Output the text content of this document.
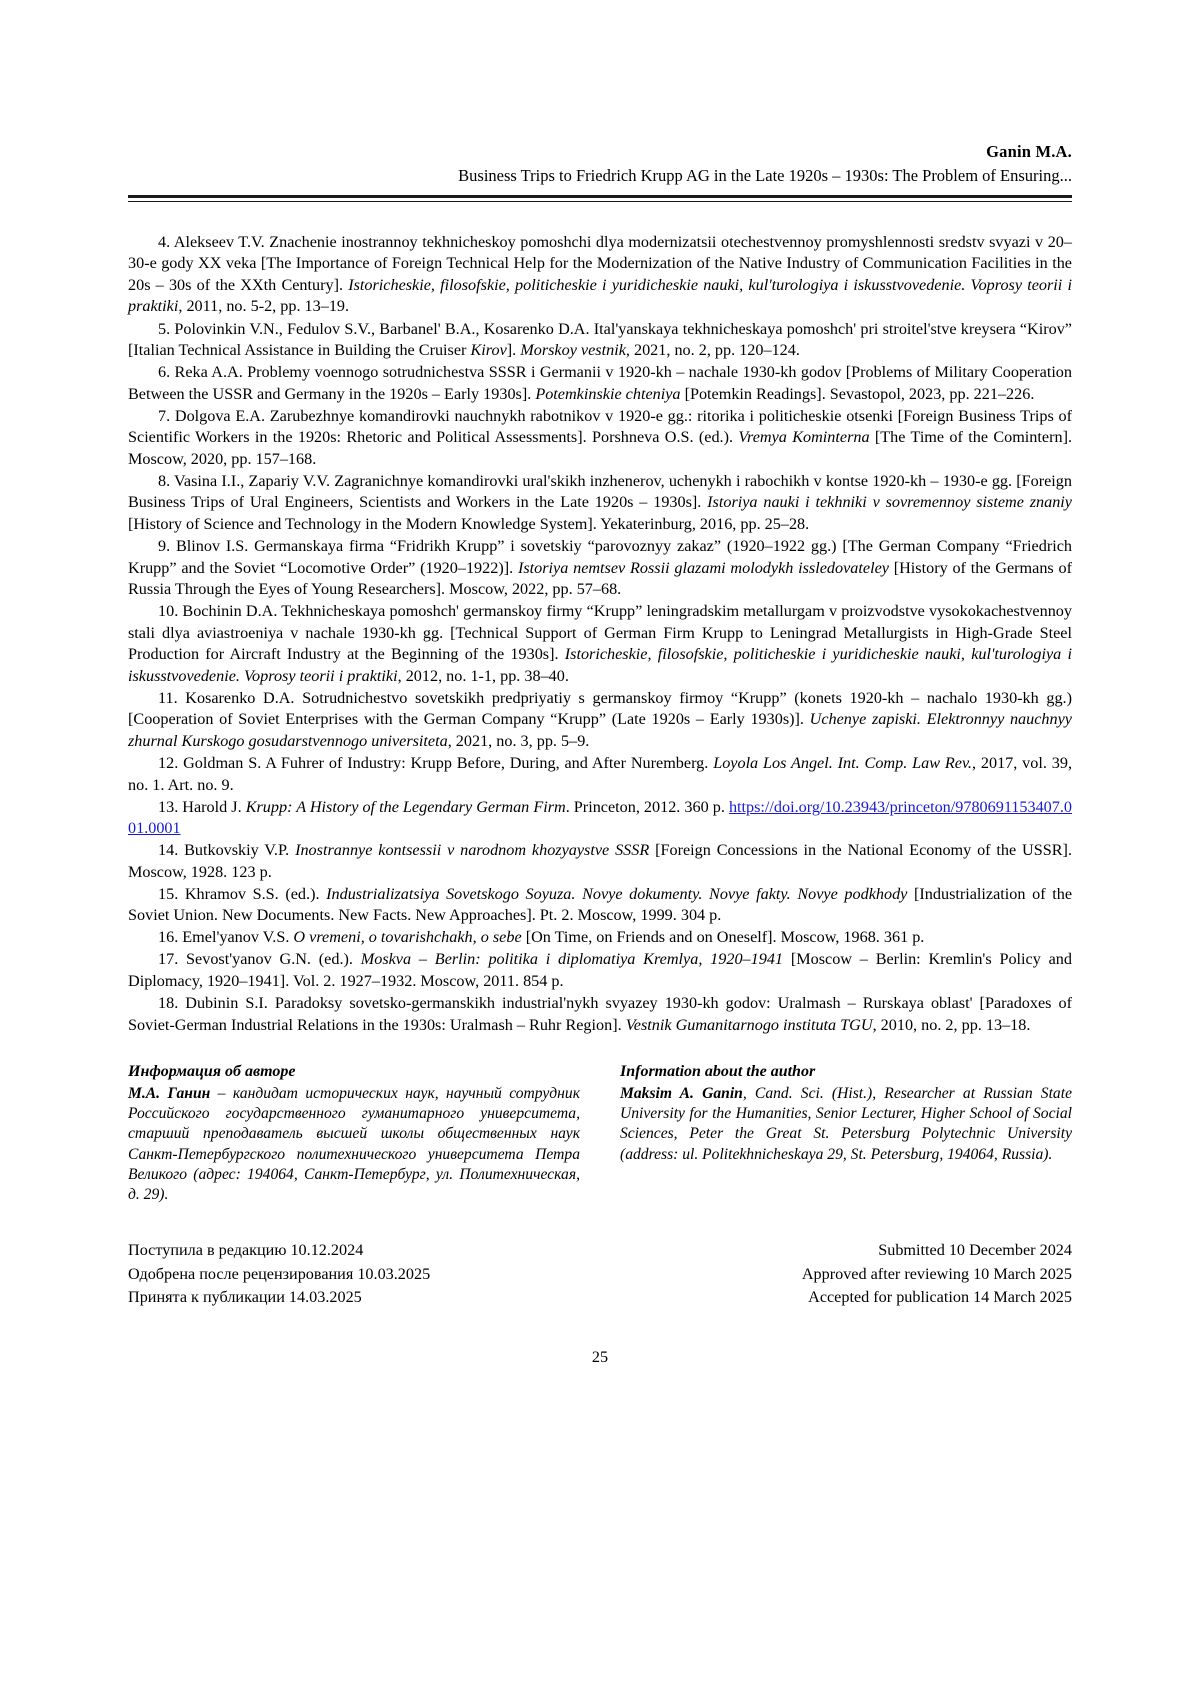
Ganin M.A.
Business Trips to Friedrich Krupp AG in the Late 1920s – 1930s: The Problem of Ensuring...

4. Alekseev T.V. Znachenie inostrannoy tekhnicheskoy pomoshchi dlya modernizatsii otechestvennoy promyshlennosti sredstv svyazi v 20–30-e gody XX veka [The Importance of Foreign Technical Help for the Modernization of the Native Industry of Communication Facilities in the 20s – 30s of the XXth Century]. Istoricheskie, filosofskie, politicheskie i yuridicheskie nauki, kul'turologiya i iskusstvovedenie. Voprosy teorii i praktiki, 2011, no. 5-2, pp. 13–19.

5. Polovinkin V.N., Fedulov S.V., Barbanel' B.A., Kosarenko D.A. Ital'yanskaya tekhnicheskaya pomoshch' pri stroitel'stve kreysera “Kirov” [Italian Technical Assistance in Building the Cruiser Kirov]. Morskoy vestnik, 2021, no. 2, pp. 120–124.

6. Reka A.A. Problemy voennogo sotrudnichestva SSSR i Germanii v 1920-kh – nachale 1930-kh godov [Problems of Military Cooperation Between the USSR and Germany in the 1920s – Early 1930s]. Potemkinskie chteniya [Potemkin Readings]. Sevastopol, 2023, pp. 221–226.

7. Dolgova E.A. Zarubezhnye komandirovki nauchnykh rabotnikov v 1920-e gg.: ritorika i politicheskie otsenki [Foreign Business Trips of Scientific Workers in the 1920s: Rhetoric and Political Assessments]. Porshneva O.S. (ed.). Vremya Kominterna [The Time of the Comintern]. Moscow, 2020, pp. 157–168.

8. Vasina I.I., Zapariy V.V. Zagranichnye komandirovki ural'skikh inzhenerov, uchenykh i rabochikh v kontse 1920-kh – 1930-e gg. [Foreign Business Trips of Ural Engineers, Scientists and Workers in the Late 1920s – 1930s]. Istoriya nauki i tekhniki v sovremennoy sisteme znaniy [History of Science and Technology in the Modern Knowledge System]. Yekaterinburg, 2016, pp. 25–28.

9. Blinov I.S. Germanskaya firma “Fridrikh Krupp” i sovetskiy “parovoznyy zakaz” (1920–1922 gg.) [The German Company “Friedrich Krupp” and the Soviet “Locomotive Order” (1920–1922)]. Istoriya nemtsev Rossii glazami molodykh issledovateley [History of the Germans of Russia Through the Eyes of Young Researchers]. Moscow, 2022, pp. 57–68.

10. Bochinin D.A. Tekhnicheskaya pomoshch' germanskoy firmy “Krupp” leningradskim metallurgam v proizvodstve vysokokachestvennoy stali dlya aviastroeniya v nachale 1930-kh gg. [Technical Support of German Firm Krupp to Leningrad Metallurgists in High-Grade Steel Production for Aircraft Industry at the Beginning of the 1930s]. Istoricheskie, filosofskie, politicheskie i yuridicheskie nauki, kul'turologiya i iskusstvovedenie. Voprosy teorii i praktiki, 2012, no. 1-1, pp. 38–40.

11. Kosarenko D.A. Sotrudnichestvo sovetskikh predpriyatiy s germanskoy firmoy “Krupp” (konets 1920-kh – nachalo 1930-kh gg.) [Cooperation of Soviet Enterprises with the German Company “Krupp” (Late 1920s – Early 1930s)]. Uchenye zapiski. Elektronnyy nauchnyy zhurnal Kurskogo gosudarstvennogo universiteta, 2021, no. 3, pp. 5–9.

12. Goldman S. A Fuhrer of Industry: Krupp Before, During, and After Nuremberg. Loyola Los Angel. Int. Comp. Law Rev., 2017, vol. 39, no. 1. Art. no. 9.

13. Harold J. Krupp: A History of the Legendary German Firm. Princeton, 2012. 360 p. https://doi.org/10.23943/princeton/9780691153407.001.0001

14. Butkovskiy V.P. Inostrannye kontsessii v narodnom khozyaystve SSSR [Foreign Concessions in the National Economy of the USSR]. Moscow, 1928. 123 p.

15. Khramov S.S. (ed.). Industrializatsiya Sovetskogo Soyuza. Novye dokumenty. Novye fakty. Novye podkhody [Industrialization of the Soviet Union. New Documents. New Facts. New Approaches]. Pt. 2. Moscow, 1999. 304 p.

16. Emel'yanov V.S. O vremeni, o tovarishchakh, o sebe [On Time, on Friends and on Oneself]. Moscow, 1968. 361 p.

17. Sevost'yanov G.N. (ed.). Moskva – Berlin: politika i diplomatiya Kremlya, 1920–1941 [Moscow – Berlin: Kremlin's Policy and Diplomacy, 1920–1941]. Vol. 2. 1927–1932. Moscow, 2011. 854 p.

18. Dubinin S.I. Paradoksy sovetsko-germanskikh industrial'nykh svyazey 1930-kh godov: Uralmash – Rurskaya oblast' [Paradoxes of Soviet-German Industrial Relations in the 1930s: Uralmash – Ruhr Region]. Vestnik Gumanitarnogo instituta TGU, 2010, no. 2, pp. 13–18.

Информация об авторе
М.А. Ганин – кандидат исторических наук, научный сотрудник Российского государственного гуманитарного университета, старший преподаватель высшей школы общественных наук Санкт-Петербургского политехнического университета Петра Великого (адрес: 194064, Санкт-Петербург, ул. Политехническая, д. 29).
Information about the author
Maksim A. Ganin, Cand. Sci. (Hist.), Researcher at Russian State University for the Humanities, Senior Lecturer, Higher School of Social Sciences, Peter the Great St. Petersburg Polytechnic University (address: ul. Politekhnicheskaya 29, St. Petersburg, 194064, Russia).
Поступила в редакцию 10.12.2024
Одобрена после рецензирования 10.03.2025
Принята к публикации 14.03.2025
Submitted 10 December 2024
Approved after reviewing 10 March 2025
Accepted for publication 14 March 2025
25
